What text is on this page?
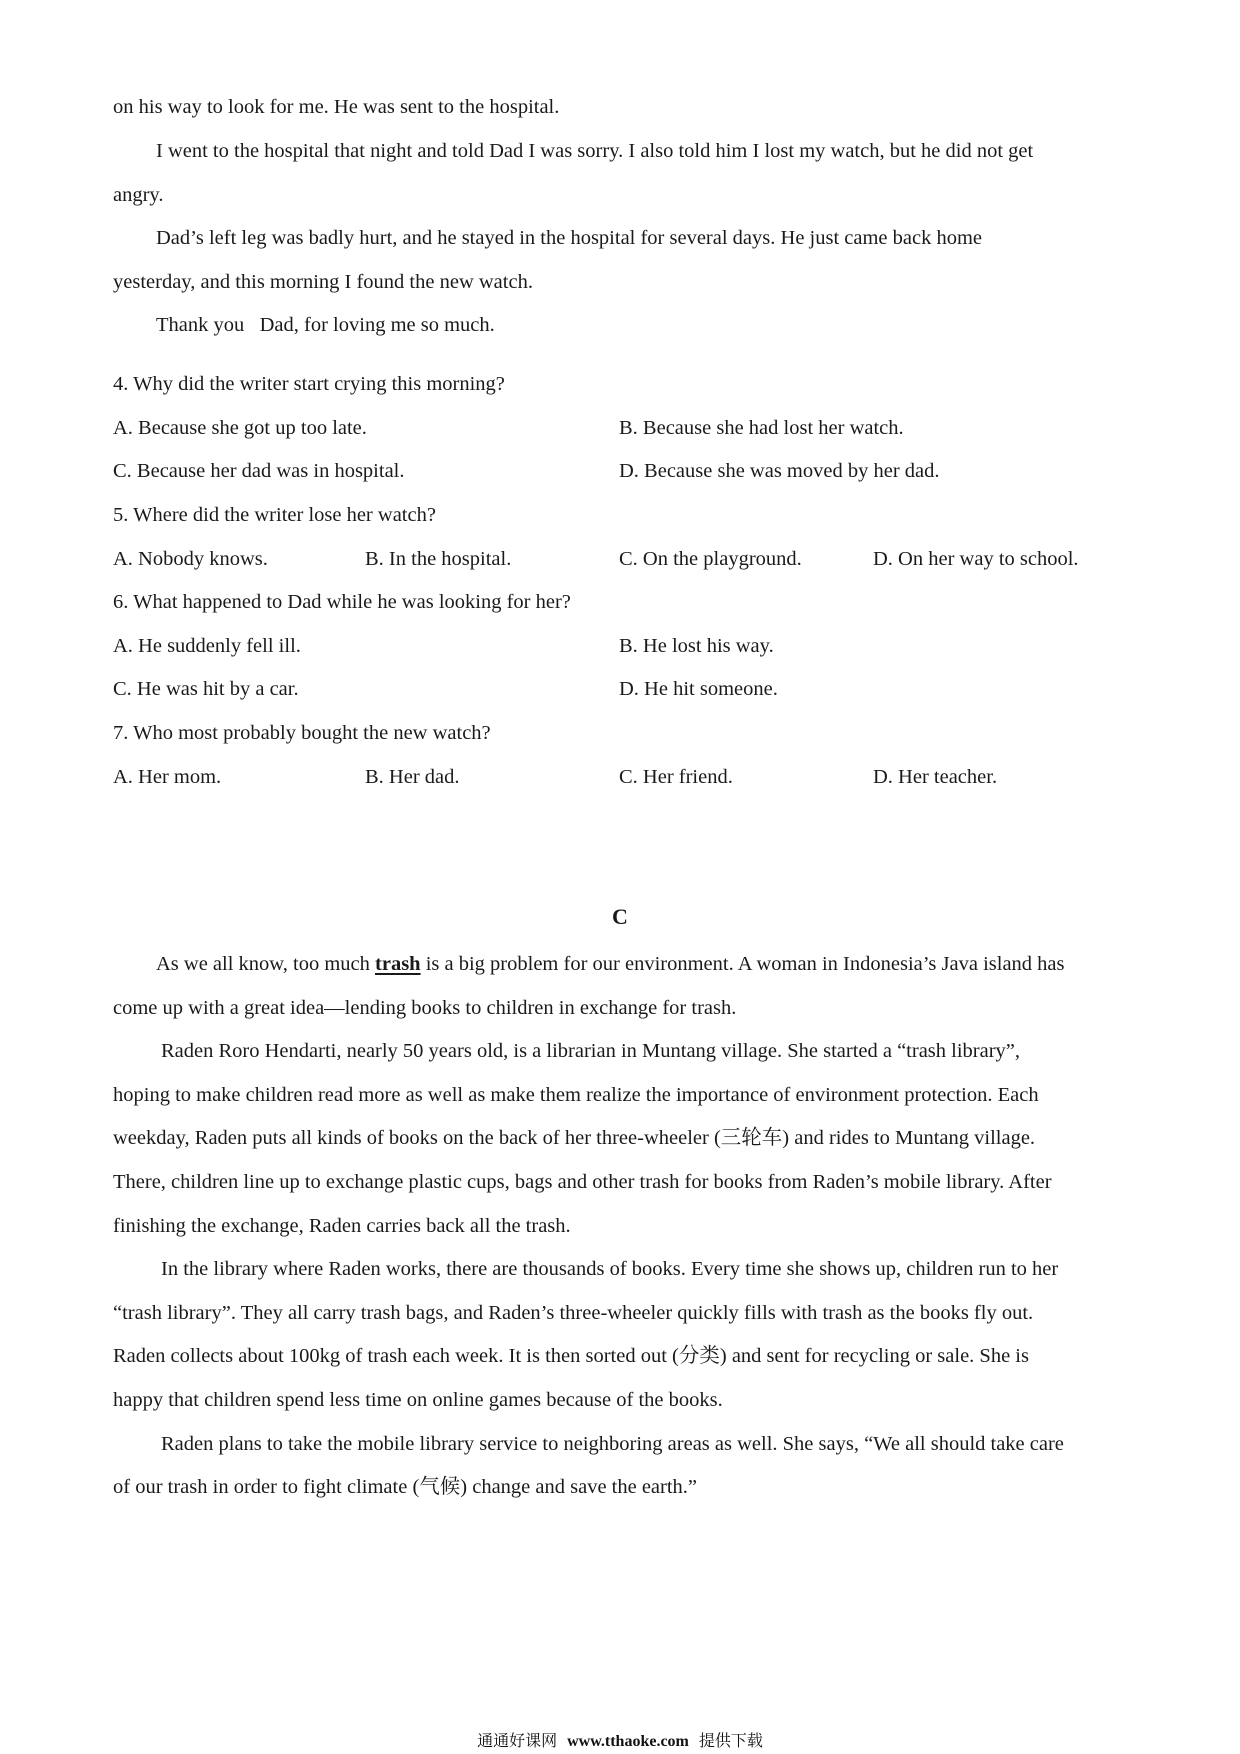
on his way to look for me. He was sent to the hospital.
I went to the hospital that night and told Dad I was sorry. I also told him I lost my watch, but he did not get
angry.
Dad’s left leg was badly hurt, and he stayed in the hospital for several days. He just came back home
yesterday, and this morning I found the new watch.
Thank you   Dad, for loving me so much.
4. Why did the writer start crying this morning?
A. Because she got up too late.	B. Because she had lost her watch.
C. Because her dad was in hospital.	D. Because she was moved by her dad.
5. Where did the writer lose her watch?
A. Nobody knows.	B. In the hospital.	C. On the playground.	D. On her way to school.
6. What happened to Dad while he was looking for her?
A. He suddenly fell ill.	B. He lost his way.
C. He was hit by a car.	D. He hit someone.
7. Who most probably bought the new watch?
A. Her mom.	B. Her dad.	C. Her friend.	D. Her teacher.
C
As we all know, too much trash is a big problem for our environment. A woman in Indonesia’s Java island has
come up with a great idea—lending books to children in exchange for trash.
Raden Roro Hendarti, nearly 50 years old, is a librarian in Muntang village. She started a “trash library”,
hoping to make children read more as well as make them realize the importance of environment protection. Each
weekday, Raden puts all kinds of books on the back of her three-wheeler (三轮车) and rides to Muntang village.
There, children line up to exchange plastic cups, bags and other trash for books from Raden’s mobile library. After
finishing the exchange, Raden carries back all the trash.
In the library where Raden works, there are thousands of books. Every time she shows up, children run to her
“trash library”. They all carry trash bags, and Raden’s three-wheeler quickly fills with trash as the books fly out.
Raden collects about 100kg of trash each week. It is then sorted out (分类) and sent for recycling or sale. She is
happy that children spend less time on online games because of the books.
Raden plans to take the mobile library service to neighboring areas as well. She says, “We all should take care
of our trash in order to fight climate (气候) change and save the earth.”
通通好课网 www.tthaoke.com 提供下载
